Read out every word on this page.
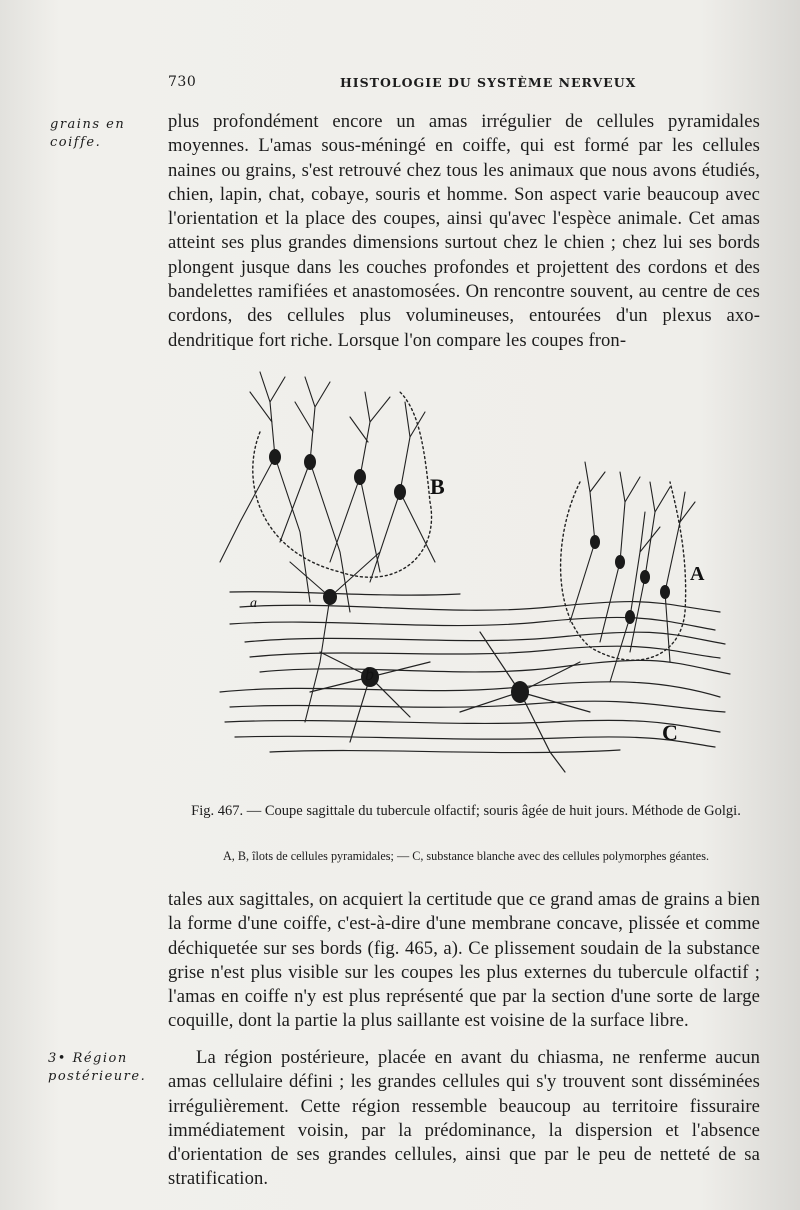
730	HISTOLOGIE DU SYSTÈME NERVEUX
grains en coiffe.
plus profondément encore un amas irrégulier de cellules pyramidales moyennes. L'amas sous-méningé en coiffe, qui est formé par les cellules naines ou grains, s'est retrouvé chez tous les animaux que nous avons étudiés, chien, lapin, chat, cobaye, souris et homme. Son aspect varie beaucoup avec l'orientation et la place des coupes, ainsi qu'avec l'espèce animale. Cet amas atteint ses plus grandes dimensions surtout chez le chien ; chez lui ses bords plongent jusque dans les couches profondes et projettent des cordons et des bandelettes ramifiées et anastomosées. On rencontre souvent, au centre de ces cordons, des cellules plus volumineuses, entourées d'un plexus axo-dendritique fort riche. Lorsque l'on compare les coupes fron-
B
A
C
b
a
Fig. 467. — Coupe sagittale du tubercule olfactif; souris âgée de huit jours. Méthode de Golgi.
A, B, îlots de cellules pyramidales; — C, substance blanche avec des cellules polymorphes géantes.
tales aux sagittales, on acquiert la certitude que ce grand amas de grains a bien la forme d'une coiffe, c'est-à-dire d'une membrane concave, plissée et comme déchiquetée sur ses bords (fig. 465, a). Ce plissement soudain de la substance grise n'est plus visible sur les coupes les plus externes du tubercule olfactif ; l'amas en coiffe n'y est plus représenté que par la section d'une sorte de large coquille, dont la partie la plus saillante est voisine de la surface libre.
3• Région postérieure.
La région postérieure, placée en avant du chiasma, ne renferme aucun amas cellulaire défini ; les grandes cellules qui s'y trouvent sont disséminées irrégulièrement. Cette région ressemble beaucoup au territoire fissuraire immédiatement voisin, par la prédominance, la dispersion et l'absence d'orientation de ses grandes cellules, ainsi que par le peu de netteté de sa stratification.
